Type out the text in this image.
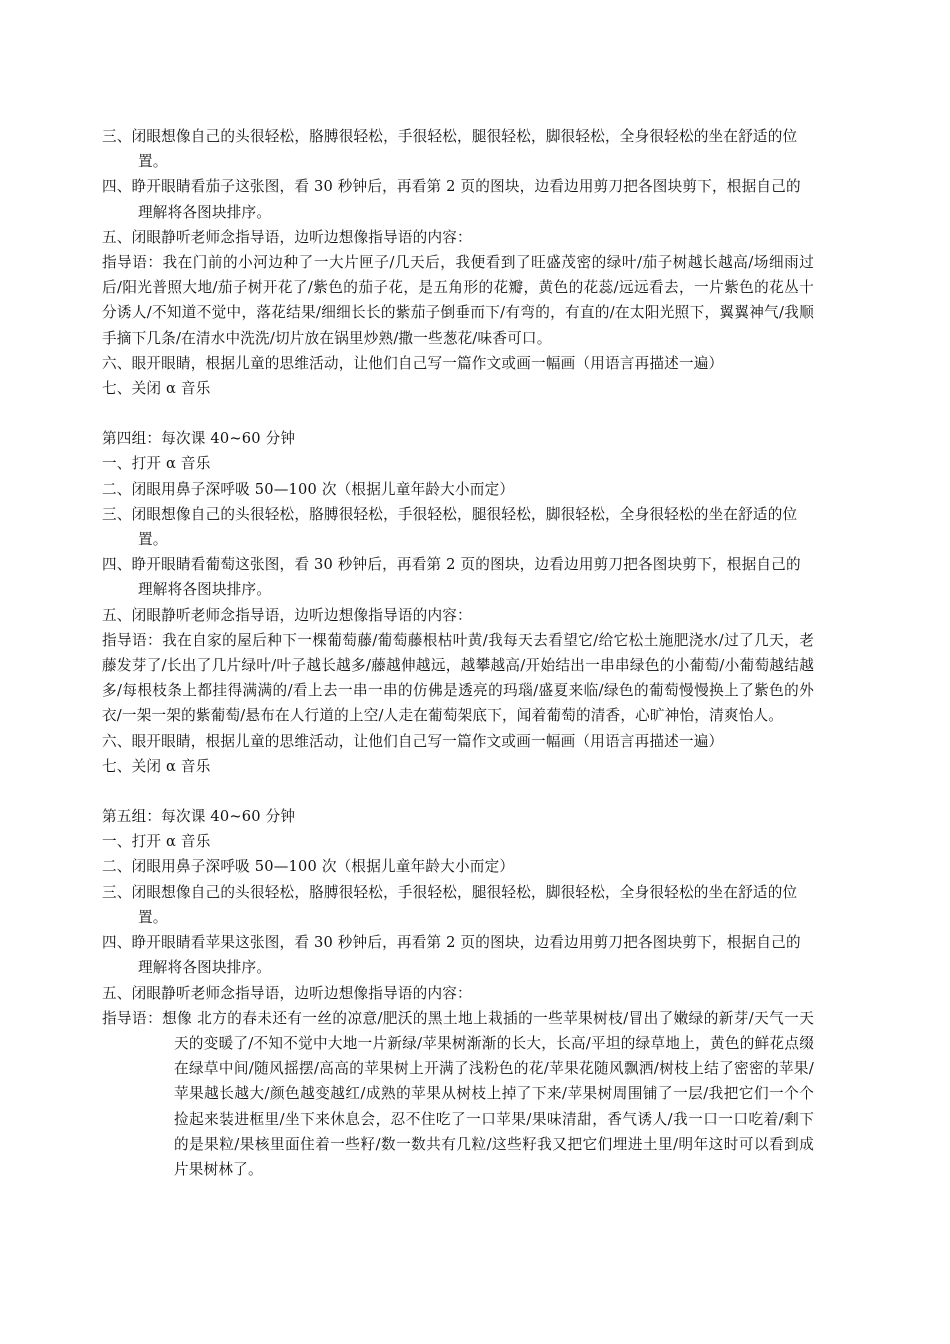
三、闭眼想像自己的头很轻松，胳膊很轻松，手很轻松，腿很轻松，脚很轻松，全身很轻松的坐在舒适的位置。
四、睁开眼睛看茄子这张图，看 30 秒钟后，再看第 2 页的图块，边看边用剪刀把各图块剪下，根据自己的理解将各图块排序。
五、闭眼静听老师念指导语，边听边想像指导语的内容：
指导语：我在门前的小河边种了一大片匣子/几天后，我便看到了旺盛茂密的绿叶/茄子树越长越高/场细雨过后/阳光普照大地/茄子树开花了/紫色的茄子花，是五角形的花瓣，黄色的花蕊/远远看去，一片紫色的花丛十分诱人/不知道不觉中，落花结果/细细长长的紫茄子倒垂而下/有弯的，有直的/在太阳光照下，翼翼神气/我顺手摘下几条/在清水中洗洗/切片放在锅里炒熟/撒一些葱花/味香可口。
六、眼开眼睛，根据儿童的思维活动，让他们自己写一篇作文或画一幅画（用语言再描述一遍）
七、关闭 α 音乐
第四组：每次课 40~60 分钟
一、打开 α 音乐
二、闭眼用鼻子深呼吸 50—100 次（根据儿童年龄大小而定）
三、闭眼想像自己的头很轻松，胳膊很轻松，手很轻松，腿很轻松，脚很轻松，全身很轻松的坐在舒适的位置。
四、睁开眼睛看葡萄这张图，看 30 秒钟后，再看第 2 页的图块，边看边用剪刀把各图块剪下，根据自己的理解将各图块排序。
五、闭眼静听老师念指导语，边听边想像指导语的内容：
指导语：我在自家的屋后种下一棵葡萄藤/葡萄藤根枯叶黄/我每天去看望它/给它松土施肥浇水/过了几天，老藤发芽了/长出了几片绿叶/叶子越长越多/藤越伸越远，越攀越高/开始结出一串串绿色的小葡萄/小葡萄越结越多/每根枝条上都挂得满满的/看上去一串一串的仿佛是透亮的玛瑙/盛夏来临/绿色的葡萄慢慢换上了紫色的外衣/一架一架的紫葡萄/悬布在人行道的上空/人走在葡萄架底下，闻着葡萄的清香，心旷神怡，清爽怡人。
六、眼开眼睛，根据儿童的思维活动，让他们自己写一篇作文或画一幅画（用语言再描述一遍）
七、关闭 α 音乐
第五组：每次课 40~60 分钟
一、打开 α 音乐
二、闭眼用鼻子深呼吸 50—100 次（根据儿童年龄大小而定）
三、闭眼想像自己的头很轻松，胳膊很轻松，手很轻松，腿很轻松，脚很轻松，全身很轻松的坐在舒适的位置。
四、睁开眼睛看苹果这张图，看 30 秒钟后，再看第 2 页的图块，边看边用剪刀把各图块剪下，根据自己的理解将各图块排序。
五、闭眼静听老师念指导语，边听边想像指导语的内容：
指导语：想像 北方的春未还有一丝的凉意/肥沃的黑土地上栽插的一些苹果树枝/冒出了嫩绿的新芽/天气一天天的变暖了/不知不觉中大地一片新绿/苹果树渐渐的长大，长高/平坦的绿草地上，黄色的鲜花点缀在绿草中间/随风摇摆/高高的苹果树上开满了浅粉色的花/苹果花随风飘洒/树枝上结了密密的苹果/苹果越长越大/颜色越变越红/成熟的苹果从树枝上掉了下来/苹果树周围铺了一层/我把它们一个个捡起来装进框里/坐下来休息会，忍不住吃了一口苹果/果味清甜，香气诱人/我一口一口吃着/剩下的是果粒/果核里面住着一些籽/数一数共有几粒/这些籽我又把它们埋进土里/明年这时可以看到成片果树林了。
